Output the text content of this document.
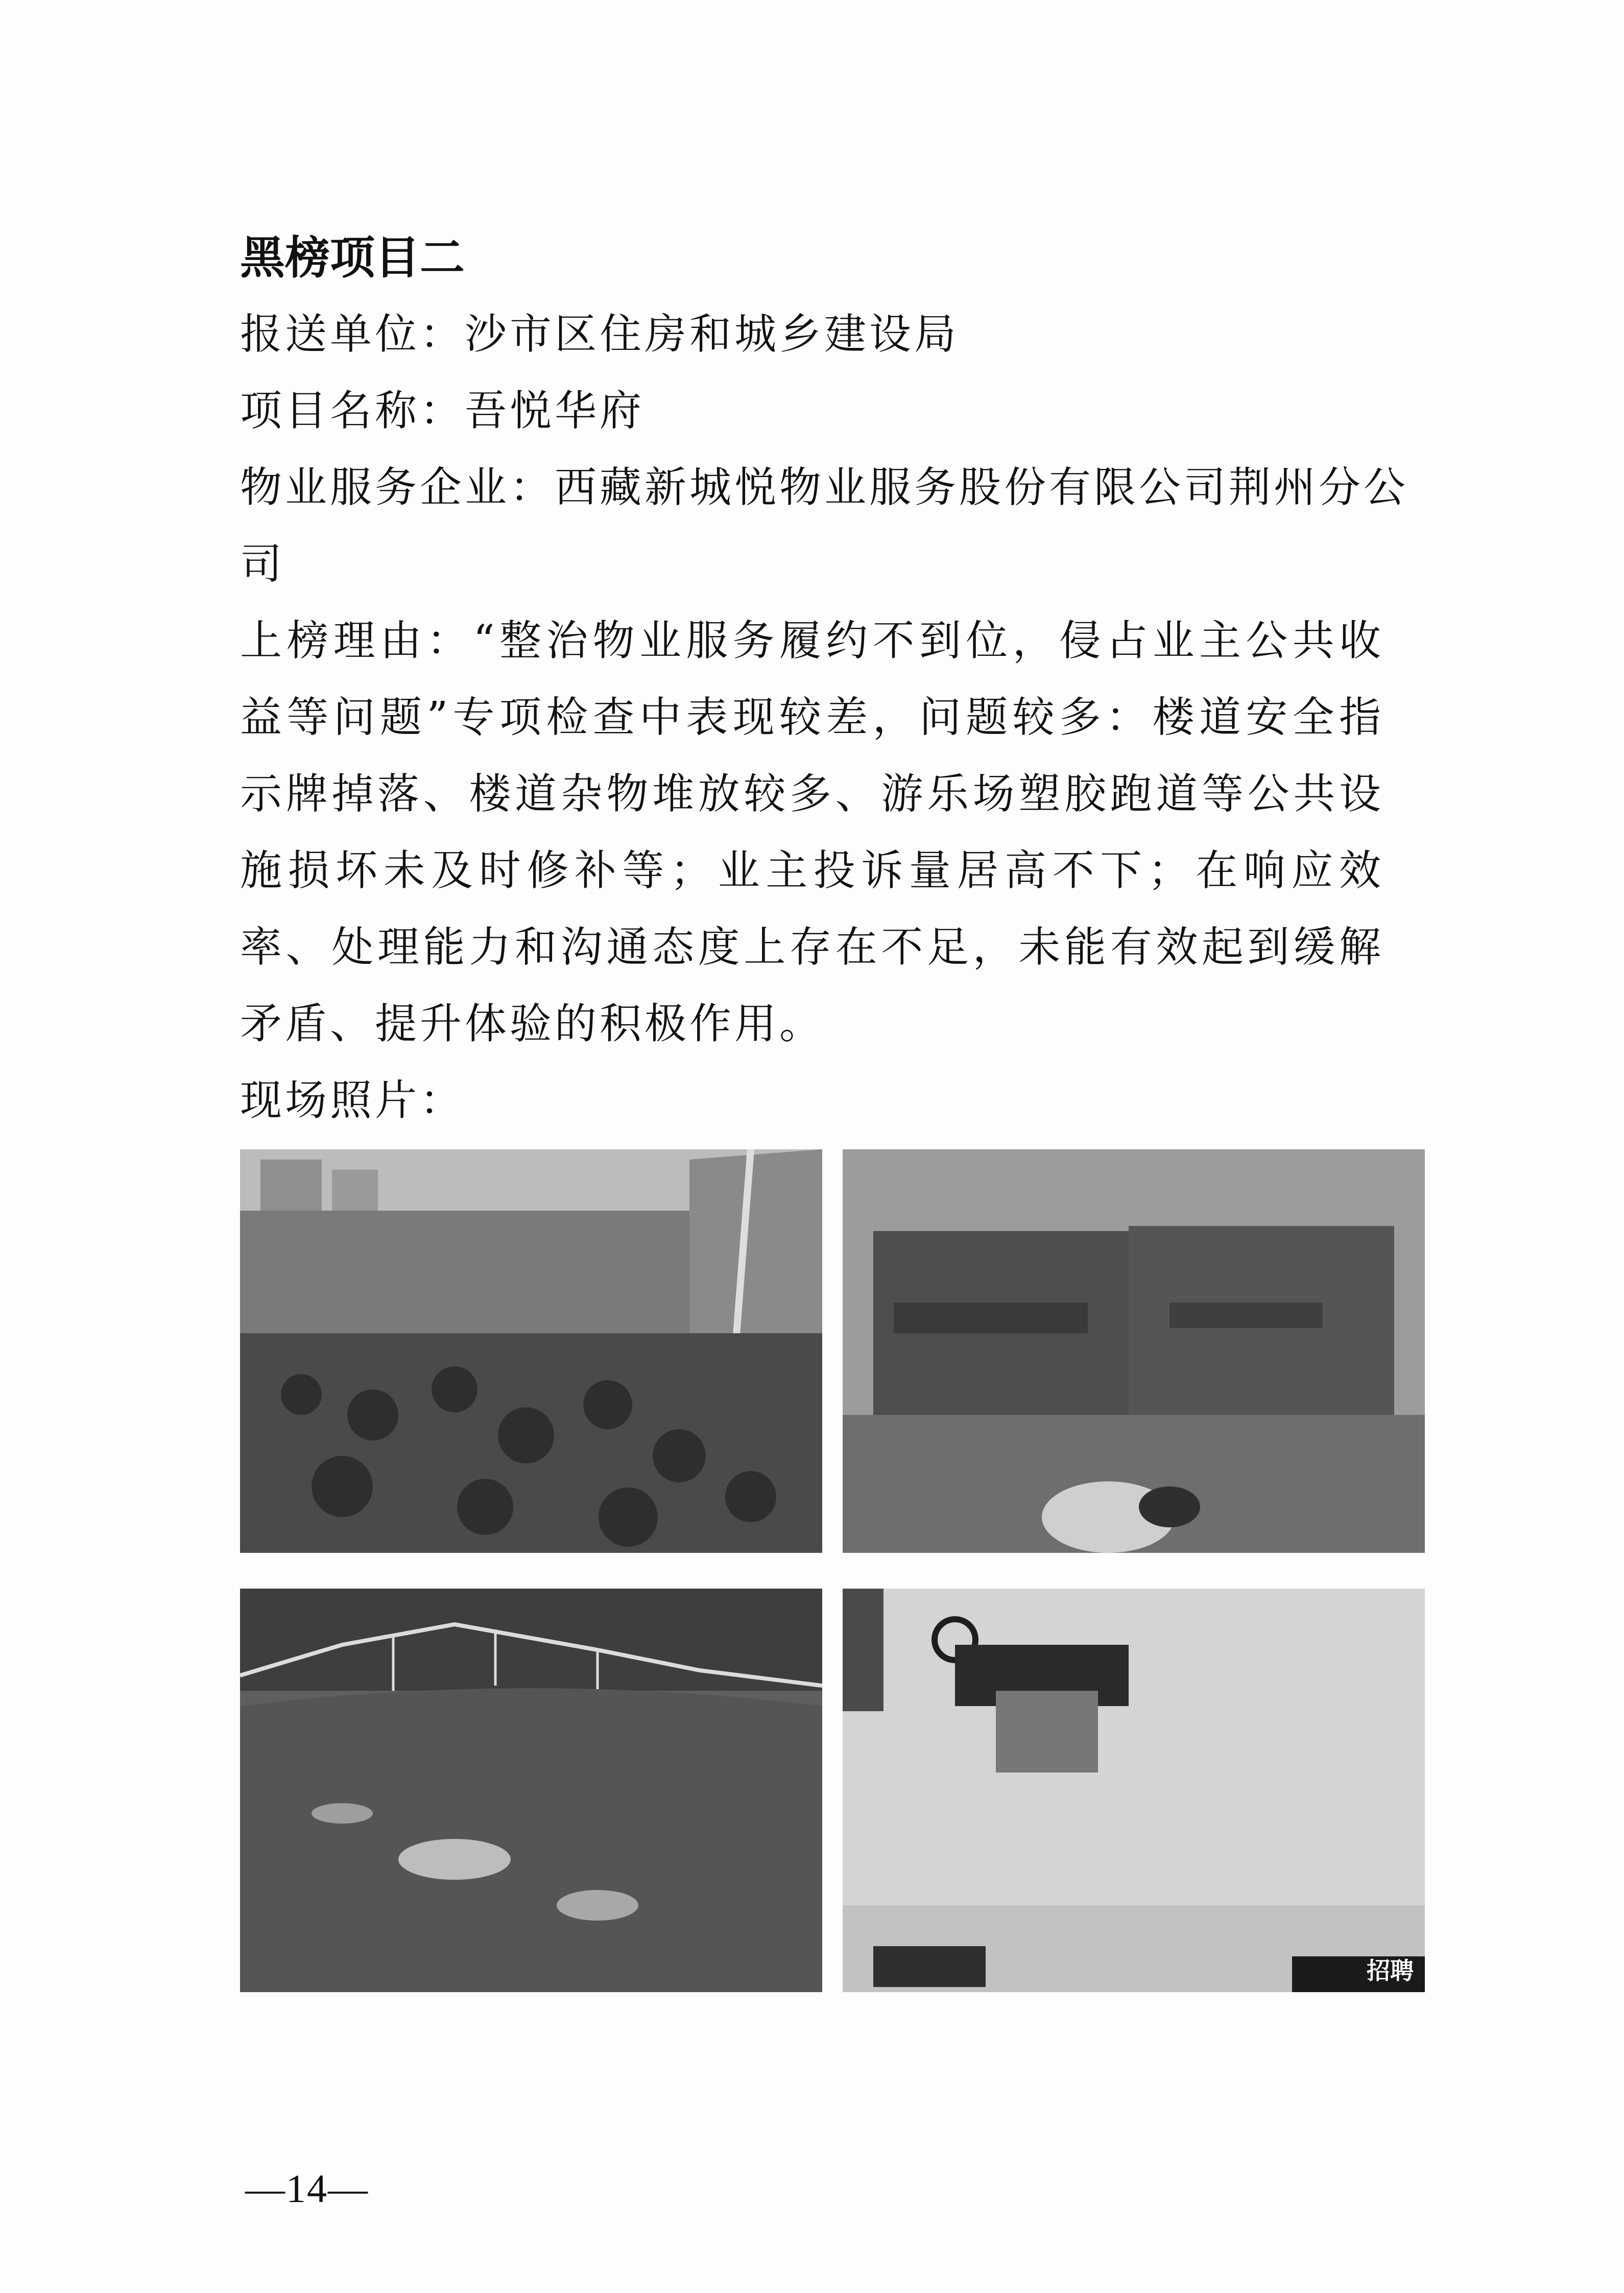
黑榜项目二
报送单位：沙市区住房和城乡建设局
项目名称：吾悦华府
物业服务企业：西藏新城悦物业服务股份有限公司荆州分公
司
上榜理由：“整治物业服务履约不到位，侵占业主公共收益等问题”专项检查中表现较差，问题较多：楼道安全指示牌掉落、楼道杂物堆放较多、游乐场塑胶跑道等公共设施损坏未及时修补等；业主投诉量居高不下；在响应效率、处理能力和沟通态度上存在不足，未能有效起到缓解矛盾、提升体验的积极作用。
现场照片：
招聘
—14—
